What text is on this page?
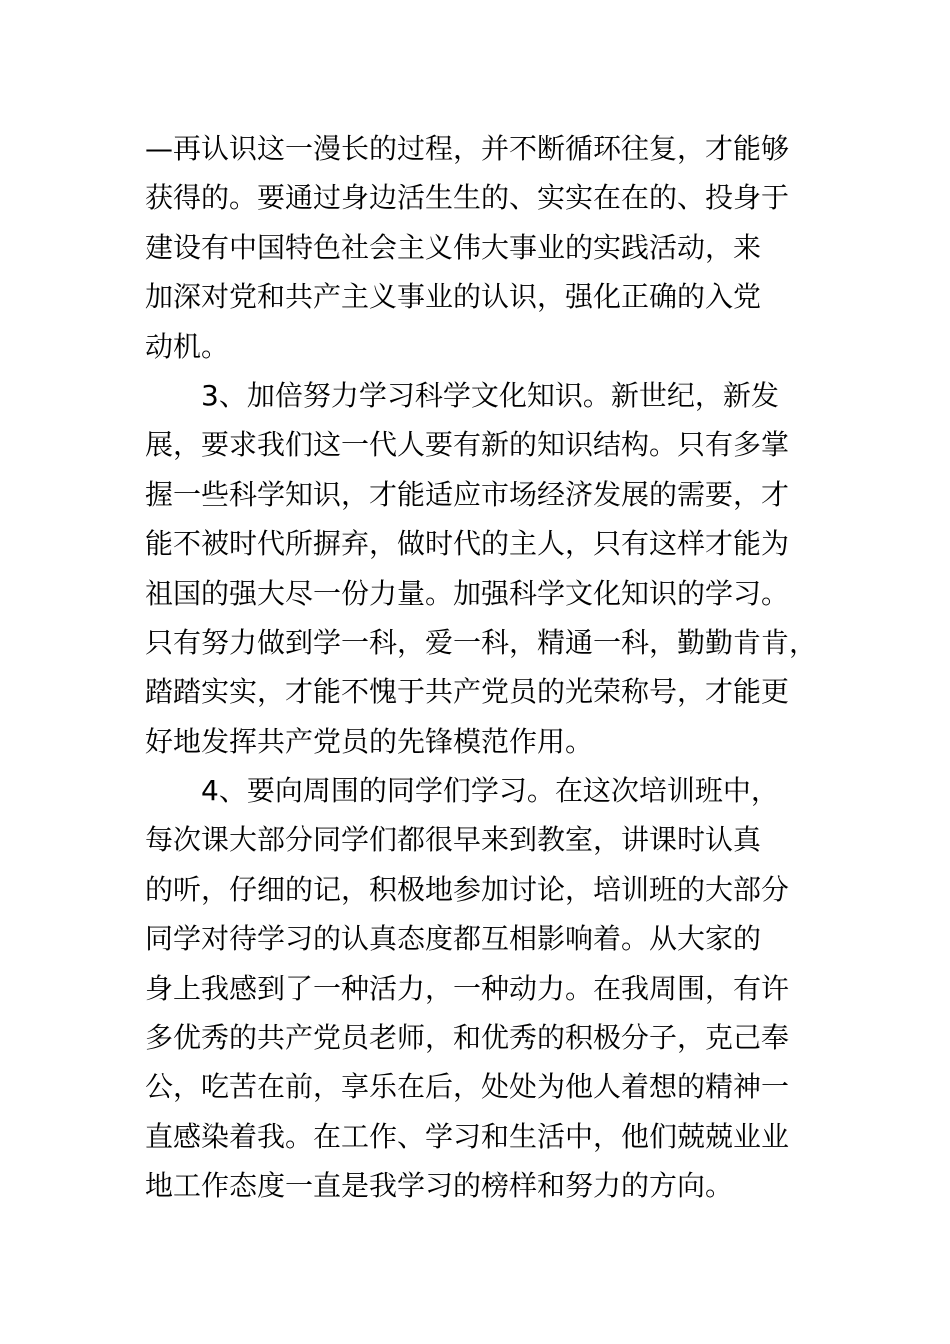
—再认识这一漫长的过程，并不断循环往复，才能够
获得的。要通过身边活生生的、实实在在的、投身于
建设有中国特色社会主义伟大事业的实践活动，来
加深对党和共产主义事业的认识，强化正确的入党
动机。
3、加倍努力学习科学文化知识。新世纪，新发
展，要求我们这一代人要有新的知识结构。只有多掌
握一些科学知识，才能适应市场经济发展的需要，才
能不被时代所摒弃，做时代的主人，只有这样才能为
祖国的强大尽一份力量。加强科学文化知识的学习。
只有努力做到学一科，爱一科，精通一科，勤勤肯肯，
踏踏实实，才能不愧于共产党员的光荣称号，才能更
好地发挥共产党员的先锋模范作用。
4、要向周围的同学们学习。在这次培训班中，
每次课大部分同学们都很早来到教室，讲课时认真
的听，仔细的记，积极地参加讨论，培训班的大部分
同学对待学习的认真态度都互相影响着。从大家的
身上我感到了一种活力，一种动力。在我周围，有许
多优秀的共产党员老师，和优秀的积极分子，克己奉
公，吃苦在前，享乐在后，处处为他人着想的精神一
直感染着我。在工作、学习和生活中，他们兢兢业业
地工作态度一直是我学习的榜样和努力的方向。
